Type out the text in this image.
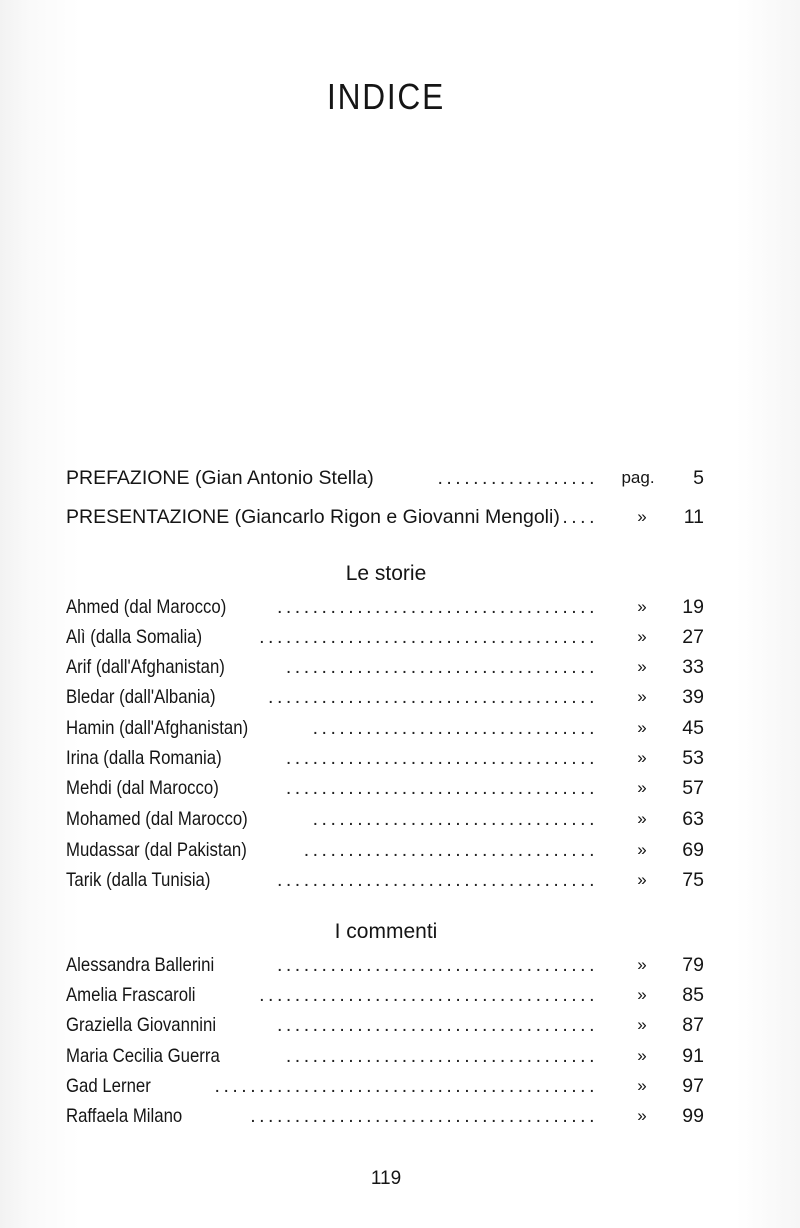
INDICE
PREFAZIONE (Gian Antonio Stella)	.................. pag.	5
PRESENTAZIONE (Giancarlo Rigon e Giovanni Mengoli) ....	»	11
Le storie
Ahmed (dal Marocco)	....................................	»	19
Alì (dalla Somalia)	......................................	»	27
Arif (dall'Afghanistan)	...................................	»	33
Bledar (dall'Albania)	.....................................	»	39
Hamin (dall'Afghanistan)	................................	»	45
Irina (dalla Romania)	...................................	»	53
Mehdi (dal Marocco)	...................................	»	57
Mohamed (dal Marocco)	................................	»	63
Mudassar (dal Pakistan)	.................................	»	69
Tarik (dalla Tunisia)	....................................	»	75
I commenti
Alessandra Ballerini	....................................	»	79
Amelia Frascaroli	......................................	»	85
Graziella Giovannini	....................................	»	87
Maria Cecilia Guerra	...................................	»	91
Gad Lerner	...........................................	»	97
Raffaela Milano	.......................................	»	99
119
